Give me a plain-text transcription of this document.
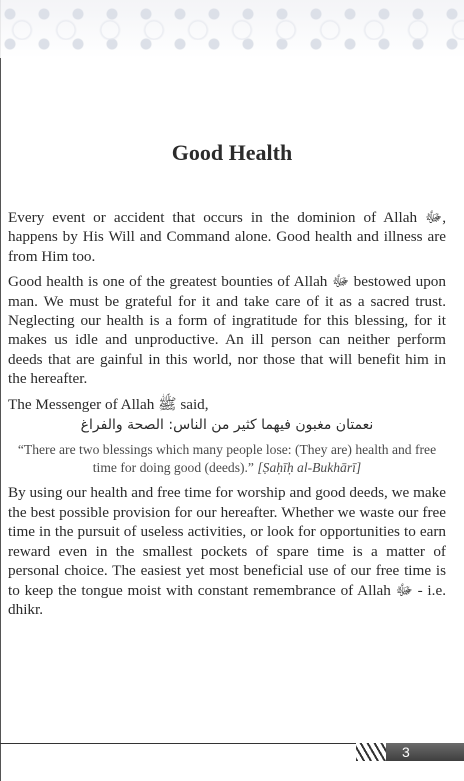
Good Health

Every event or accident that occurs in the dominion of Allah ﷻ, happens by His Will and Command alone. Good health and illness are from Him too.

Good health is one of the greatest bounties of Allah ﷻ bestowed upon man. We must be grateful for it and take care of it as a sacred trust. Neglecting our health is a form of ingratitude for this blessing, for it makes us idle and unproductive. An ill person can neither perform deeds that are gainful in this world, nor those that will benefit him in the hereafter.

The Messenger of Allah ﷺ said,

نعمتان مغبون فيهما كثير من الناس: الصحة والفراغ
“There are two blessings which many people lose: (They are) health and free time for doing good (deeds).” [Ṣaḥīḥ al-Bukhārī]

By using our health and free time for worship and good deeds, we make the best possible provision for our hereafter. Whether we waste our free time in the pursuit of useless activities, or look for opportunities to earn reward even in the smallest pockets of spare time is a matter of personal choice. The easiest yet most beneficial use of our free time is to keep the tongue moist with constant remembrance of Allah ﷻ - i.e. dhikr.

3
